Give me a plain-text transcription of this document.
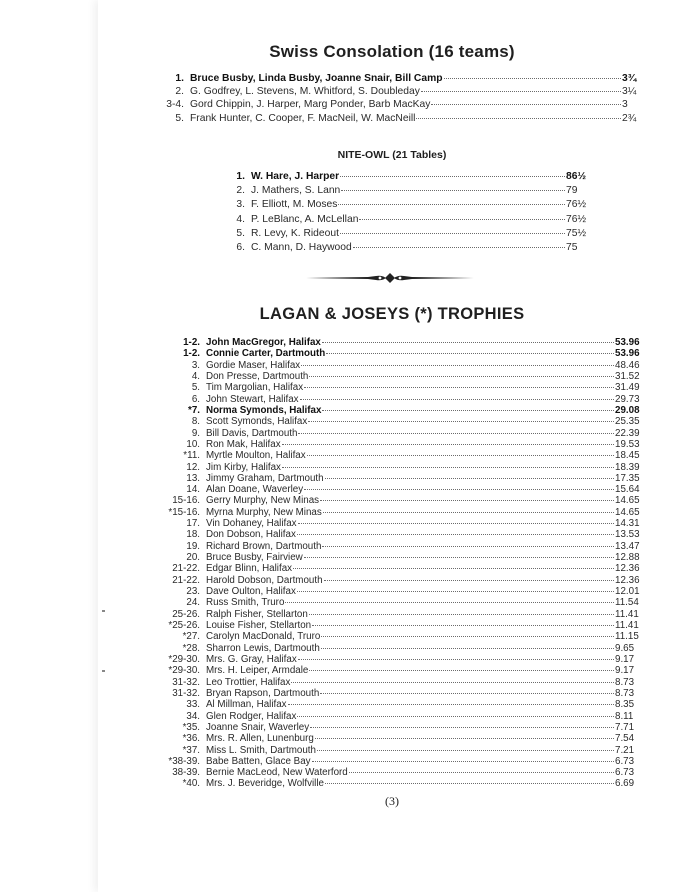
Swiss Consolation (16 teams)
1. Bruce Busby, Linda Busby, Joanne Snair, Bill Camp	3¾
2. G. Godfrey, L. Stevens, M. Whitford, S. Doubleday	3¼
3-4. Gord Chippin, J. Harper, Marg Ponder, Barb MacKay	3
5. Frank Hunter, C. Cooper, F. MacNeil, W. MacNeill	2¾
NITE-OWL (21 Tables)
1. W. Hare, J. Harper	86½
2. J. Mathers, S. Lann	79
3. F. Elliott, M. Moses	76½
4. P. LeBlanc, A. McLellan	76½
5. R. Levy, K. Rideout	75½
6. C. Mann, D. Haywood	75
LAGAN & JOSEYS (*) TROPHIES
1-2. John MacGregor, Halifax	53.96
1-2. Connie Carter, Dartmouth	53.96
3. Gordie Maser, Halifax	48.46
4. Don Presse, Dartmouth	31.52
5. Tim Margolian, Halifax	31.49
6. John Stewart, Halifax	29.73
*7. Norma Symonds, Halifax	29.08
8. Scott Symonds, Halifax	25.35
9. Bill Davis, Dartmouth	22.39
10. Ron Mak, Halifax	19.53
*11. Myrtle Moulton, Halifax	18.45
12. Jim Kirby, Halifax	18.39
13. Jimmy Graham, Dartmouth	17.35
14. Alan Doane, Waverley	15.64
15-16. Gerry Murphy, New Minas	14.65
*15-16. Myrna Murphy, New Minas	14.65
17. Vin Dohaney, Halifax	14.31
18. Don Dobson, Halifax	13.53
19. Richard Brown, Dartmouth	13.47
20. Bruce Busby, Fairview	12.88
21-22. Edgar Blinn, Halifax	12.36
21-22. Harold Dobson, Dartmouth	12.36
23. Dave Oulton, Halifax	12.01
24. Russ Smith, Truro	11.54
25-26. Ralph Fisher, Stellarton	11.41
*25-26. Louise Fisher, Stellarton	11.41
*27. Carolyn MacDonald, Truro	11.15
*28. Sharron Lewis, Dartmouth	9.65
*29-30. Mrs. G. Gray, Halifax	9.17
*29-30. Mrs. H. Leiper, Armdale	9.17
31-32. Leo Trottier, Halifax	8.73
31-32. Bryan Rapson, Dartmouth	8.73
33. Al Millman, Halifax	8.35
34. Glen Rodger, Halifax	8.11
*35. Joanne Snair, Waverley	7.71
*36. Mrs. R. Allen, Lunenburg	7.54
*37. Miss L. Smith, Dartmouth	7.21
*38-39. Babe Batten, Glace Bay	6.73
38-39. Bernie MacLeod, New Waterford	6.73
*40. Mrs. J. Beveridge, Wolfville	6.69
(3)
